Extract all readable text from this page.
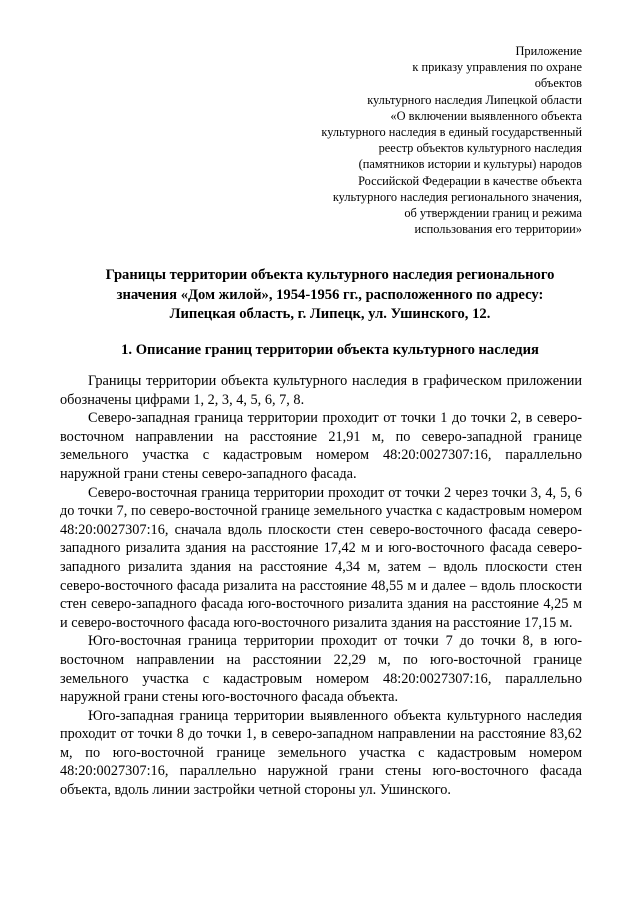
Приложение
к приказу управления по охране
объектов
культурного наследия Липецкой области
«О включении выявленного объекта
культурного наследия в единый государственный
реестр объектов культурного наследия
(памятников истории и культуры) народов
Российской Федерации в качестве объекта
культурного наследия регионального значения,
об утверждении границ и режима
использования его территории»
Границы территории объекта культурного наследия регионального
значения «Дом жилой», 1954-1956 гг., расположенного по адресу:
Липецкая область, г. Липецк, ул. Ушинского, 12.
1. Описание границ территории объекта культурного наследия

Границы территории объекта культурного наследия в графическом приложении обозначены цифрами 1, 2, 3, 4, 5, 6, 7, 8.

Северо-западная граница территории проходит от точки 1 до точки 2, в северо-восточном направлении на расстояние 21,91 м, по северо-западной границе земельного участка с кадастровым номером 48:20:0027307:16, параллельно наружной грани стены северо-западного фасада.

Северо-восточная граница территории проходит от точки 2 через точки 3, 4, 5, 6 до точки 7, по северо-восточной границе земельного участка с кадастровым номером 48:20:0027307:16, сначала вдоль плоскости стен северо-восточного фасада северо-западного ризалита здания на расстояние 17,42 м и юго-восточного фасада северо-западного ризалита здания на расстояние 4,34 м, затем – вдоль плоскости стен северо-восточного фасада ризалита на расстояние 48,55 м и далее – вдоль плоскости стен северо-западного фасада юго-восточного ризалита здания на расстояние 4,25 м и северо-восточного фасада юго-восточного ризалита здания на расстояние 17,15 м.

Юго-восточная граница территории проходит от точки 7 до точки 8, в юго-восточном направлении на расстоянии 22,29 м, по юго-восточной границе земельного участка с кадастровым номером 48:20:0027307:16, параллельно наружной грани стены юго-восточного фасада объекта.

Юго-западная граница территории выявленного объекта культурного наследия проходит от точки 8 до точки 1, в северо-западном направлении на расстояние 83,62 м, по юго-восточной границе земельного участка с кадастровым номером 48:20:0027307:16, параллельно наружной грани стены юго-восточного фасада объекта, вдоль линии застройки четной стороны ул. Ушинского.
